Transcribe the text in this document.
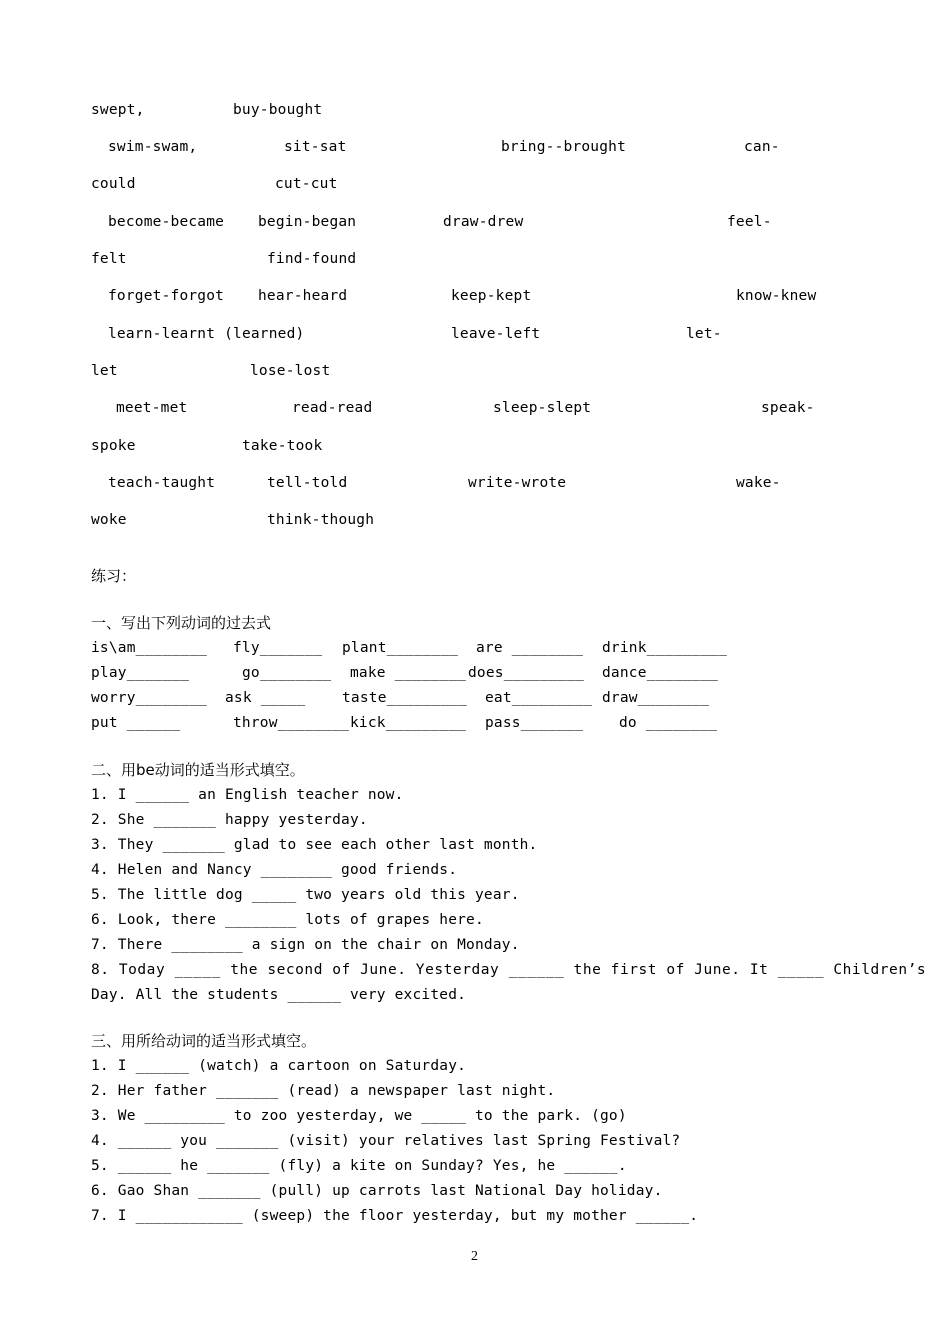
swept,	buy-bought
swim-swam,	sit-sat	bring--brought	can-
could	cut-cut
become-became begin-began	draw-drew	feel-
felt	find-found
forget-forgot hear-heard	keep-kept	know-knew
learn-learnt (learned)	leave-left	let-
let	lose-lost
meet-met	read-read	sleep-slept	speak-
spoke	take-took
teach-taught	tell-told	write-wrote	wake-
woke	think-though
练习：
一、写出下列动词的过去式
is\am________ fly_______ plant________ are ________ drink_________
play_______	go________ make ________ does_________ dance________
worry________ ask _____	taste_________ eat_________ draw________
put ______	throw________ kick_________ pass_______ do ________
二、用be动词的适当形式填空。
1. I ______ an English teacher now.
2. She _______ happy yesterday.
3. They _______ glad to see each other last month.
4. Helen and Nancy ________ good friends.
5. The little dog _____ two years old this year.
6. Look, there ________ lots of grapes here.
7. There ________ a sign on the chair on Monday.
8. Today _____ the second of June. Yesterday ______ the first of June. It _____ Children’s
Day. All the students ______ very excited.
三、用所给动词的适当形式填空。
1. I ______ (watch) a cartoon on Saturday.
2. Her father _______ (read) a newspaper last night.
3. We _________ to zoo yesterday, we _____ to the park. (go)
4. ______ you _______ (visit) your relatives last Spring Festival?
5. ______ he _______ (fly) a kite on Sunday? Yes, he ______.
6. Gao Shan _______ (pull) up carrots last National Day holiday.
7. I ____________ (sweep) the floor yesterday, but my mother ______.
2
